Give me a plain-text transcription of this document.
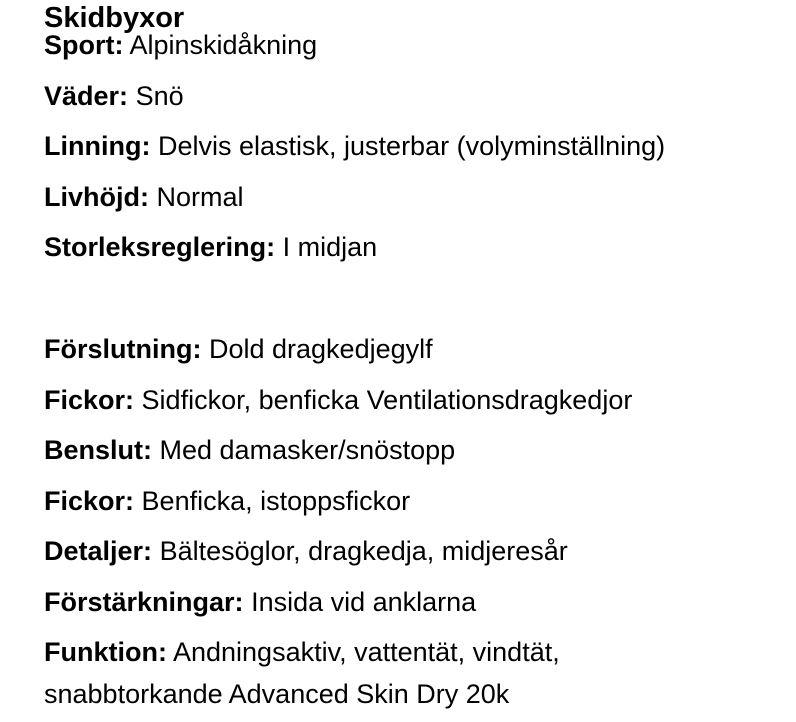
Skidbyxor
Sport: Alpinskidåkning
Väder: Snö
Linning: Delvis elastisk, justerbar (volyminställning)
Livhöjd: Normal
Storleksreglering: I midjan
Förslutning: Dold dragkedjegylf
Fickor: Sidfickor, benficka Ventilationsdragkedjor
Benslut: Med damasker/snöstopp
Fickor: Benficka, istoppsfickor
Detaljer: Bältesöglor, dragkedja, midjeresår
Förstärkningar: Insida vid anklarna
Funktion: Andningsaktiv, vattentät, vindtät,
snabbtorkande Advanced Skin Dry 20k
